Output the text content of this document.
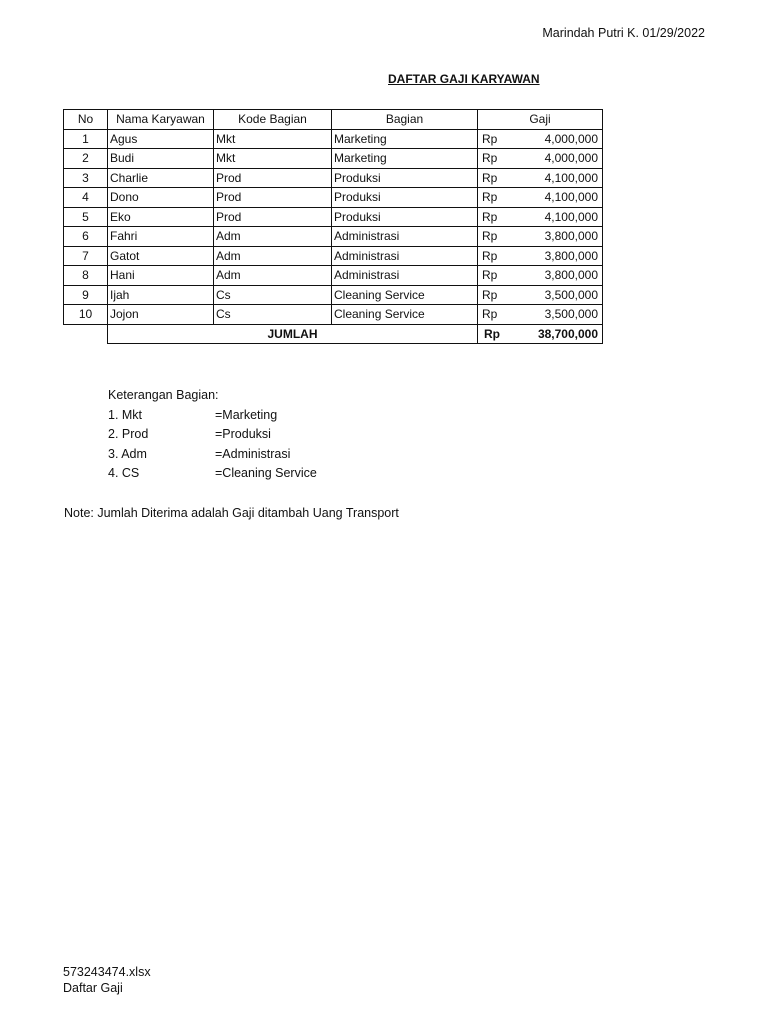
Marindah Putri K. 01/29/2022
DAFTAR GAJI KARYAWAN
No	Nama Karyawan	Kode Bagian	Bagian	Gaji	
1	Agus	Mkt	Marketing	Rp	4,000,000
2	Budi	Mkt	Marketing	Rp	4,000,000
3	Charlie	Prod	Produksi	Rp	4,100,000
4	Dono	Prod	Produksi	Rp	4,100,000
5	Eko	Prod	Produksi	Rp	4,100,000
6	Fahri	Adm	Administrasi	Rp	3,800,000
7	Gatot	Adm	Administrasi	Rp	3,800,000
8	Hani	Adm	Administrasi	Rp	3,800,000
9	Ijah	Cs	Cleaning Service	Rp	3,500,000
10	Jojon	Cs	Cleaning Service	Rp	3,500,000
	JUMLAH			Rp	38,700,000
Keterangan Bagian:
1. Mkt	=Marketing
2. Prod	=Produksi
3. Adm	=Administrasi
4. CS	=Cleaning Service
Note: Jumlah Diterima adalah Gaji ditambah Uang Transport
573243474.xlsx
Daftar Gaji
